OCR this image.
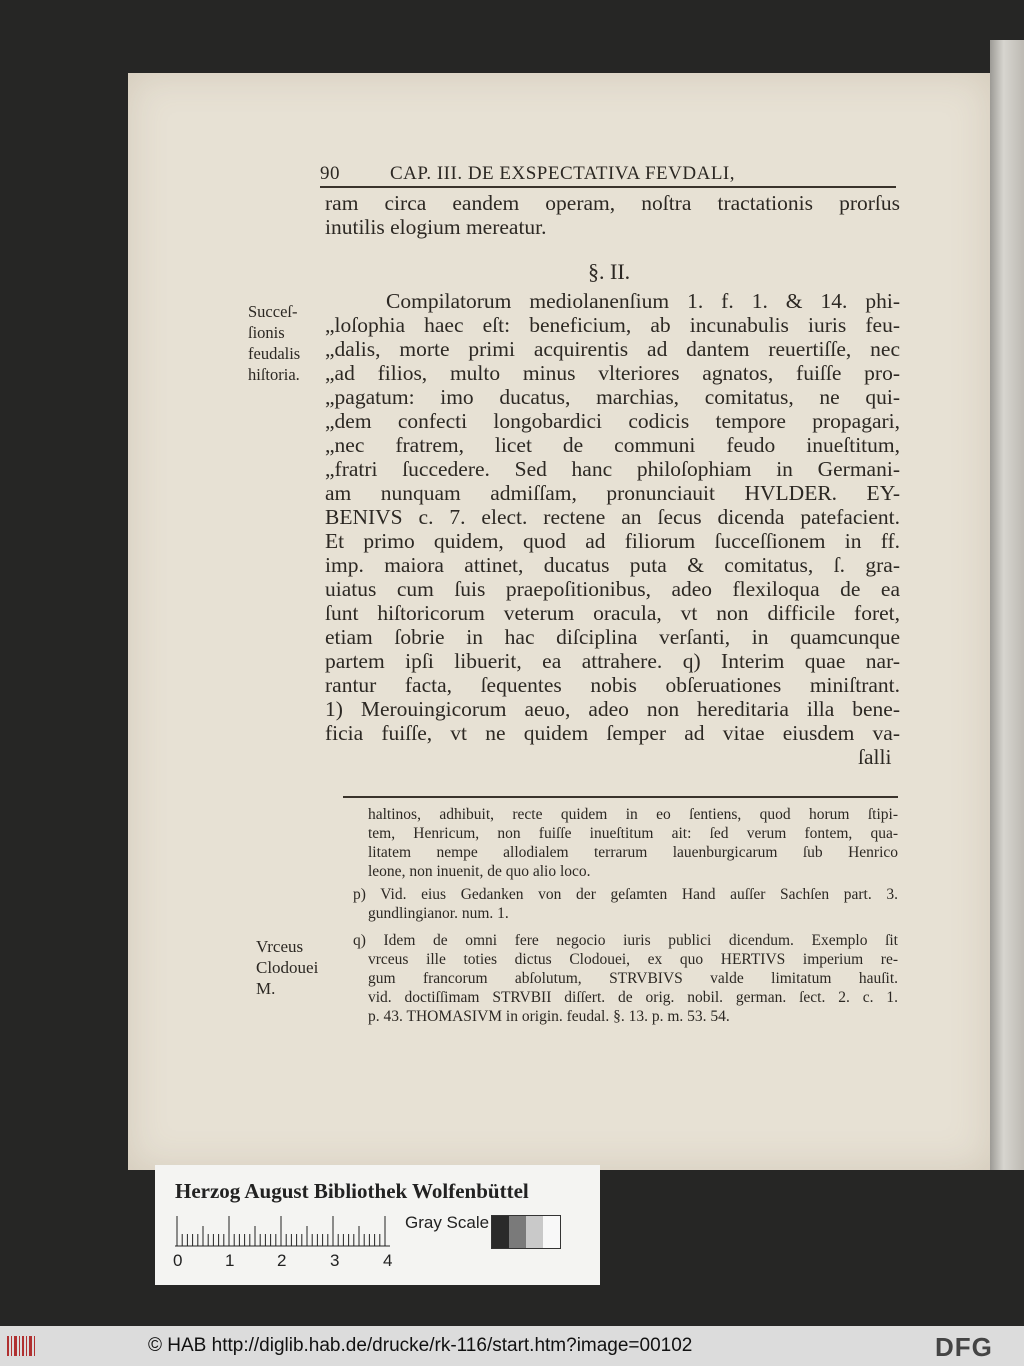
90	CAP. III. DE EXSPECTATIVA FEVDALI,
ram circa eandem operam, noſtra tractationis prorſus
inutilis elogium mereatur.
§. II.
Succeſ-
ſionis
feudalis
hiſtoria.
Compilatorum mediolanenſium 1. f. 1. & 14. phi-
„loſophia haec eſt: beneficium, ab incunabulis iuris feu-
„dalis, morte primi acquirentis ad dantem reuertiſſe, nec
„ad filios, multo minus vlteriores agnatos, fuiſſe pro-
„pagatum: imo ducatus, marchias, comitatus, ne qui-
„dem confecti longobardici codicis tempore propagari,
„nec fratrem, licet de communi feudo inueſtitum,
„fratri ſuccedere. Sed hanc philoſophiam in Germani-
am nunquam admiſſam, pronunciauit HVLDER. EY-
BENIVS c. 7. elect. rectene an ſecus dicenda patefacient.
Et primo quidem, quod ad filiorum ſucceſſionem in ff.
imp. maiora attinet, ducatus puta & comitatus, ſ. gra-
uiatus cum ſuis praepoſitionibus, adeo flexiloqua de ea
ſunt hiſtoricorum veterum oracula, vt non difficile foret,
etiam ſobrie in hac diſciplina verſanti, in quamcunque
partem ipſi libuerit, ea attrahere. q) Interim quae nar-
rantur facta, ſequentes nobis obſeruationes miniſtrant.
1) Merouingicorum aeuo, adeo non hereditaria illa bene-
ficia fuiſſe, vt ne quidem ſemper ad vitae eiusdem va-
ſalli
haltinos, adhibuit, recte quidem in eo ſentiens, quod horum ſtipi-
tem, Henricum, non fuiſſe inueſtitum ait: ſed verum fontem, qua-
litatem nempe allodialem terrarum lauenburgicarum ſub Henrico
leone, non inuenit, de quo alio loco.
p) Vid. eius Gedanken von der geſamten Hand auſſer Sachſen part. 3.
gundlingianor. num. 1.
Vrceus
Clodouei
M.
q) Idem de omni fere negocio iuris publici dicendum. Exemplo ſit
vrceus ille toties dictus Clodouei, ex quo HERTIVS imperium re-
gum francorum abſolutum, STRVBIVS valde limitatum hauſit.
vid. doctiſſimam STRVBII diſſert. de orig. nobil. german. ſect. 2. c. 1.
p. 43. THOMASIVM in origin. feudal. §. 13. p. m. 53. 54.
Herzog August Bibliothek Wolfenbüttel
0	1	2	3	4
Gray Scale
© HAB http://diglib.hab.de/drucke/rk-116/start.htm?image=00102	DFG
